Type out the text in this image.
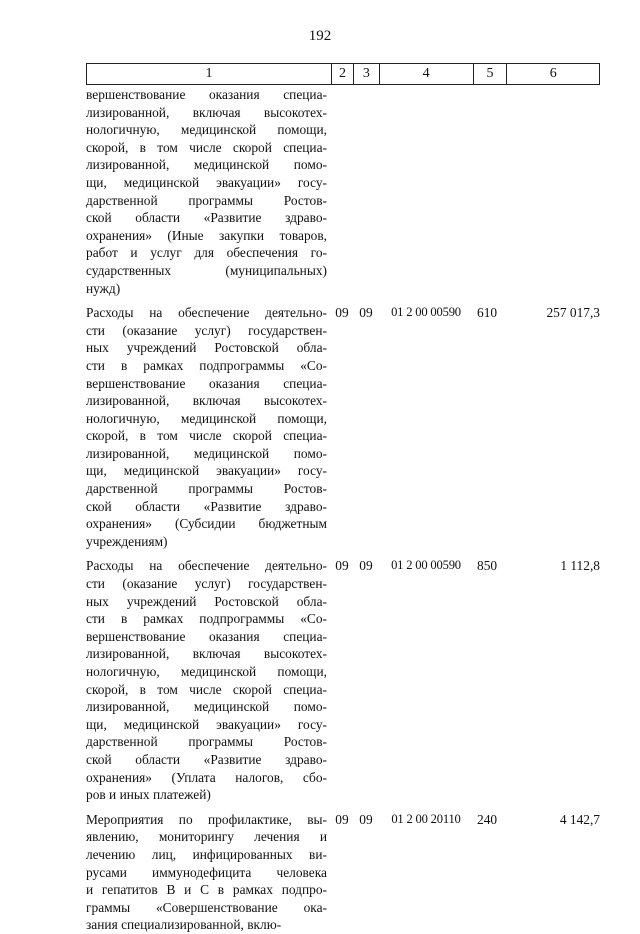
192
1	2	3	4	5	6
вершенствование оказания специа-
лизированной, включая высокотех-
нологичную, медицинской помощи,
скорой, в том числе скорой специа-
лизированной, медицинской помо-
щи, медицинской эвакуации» госу-
дарственной программы Ростов-
ской области «Развитие здраво-
охранения» (Иные закупки товаров,
работ и услуг для обеспечения го-
сударственных (муниципальных)
нужд)
Расходы на обеспечение деятельно-
сти (оказание услуг) государствен-
ных учреждений Ростовской обла-
сти в рамках подпрограммы «Со-
вершенствование оказания специа-
лизированной, включая высокотех-
нологичную, медицинской помощи,
скорой, в том числе скорой специа-
лизированной, медицинской помо-
щи, медицинской эвакуации» госу-
дарственной программы Ростов-
ской области «Развитие здраво-
охранения» (Субсидии бюджетным
учреждениям)
09 09	01 2 00 00590	610	257 017,3
Расходы на обеспечение деятельно-
сти (оказание услуг) государствен-
ных учреждений Ростовской обла-
сти в рамках подпрограммы «Со-
вершенствование оказания специа-
лизированной, включая высокотех-
нологичную, медицинской помощи,
скорой, в том числе скорой специа-
лизированной, медицинской помо-
щи, медицинской эвакуации» госу-
дарственной программы Ростов-
ской области «Развитие здраво-
охранения» (Уплата налогов, сбо-
ров и иных платежей)
09 09	01 2 00 00590	850	1 112,8
Мероприятия по профилактике, вы-
явлению, мониторингу лечения и
лечению лиц, инфицированных ви-
русами иммунодефицита человека
и гепатитов В и С в рамках подпро-
граммы «Совершенствование ока-
зания специализированной, вклю-
09 09	01 2 00 20110	240	4 142,7
